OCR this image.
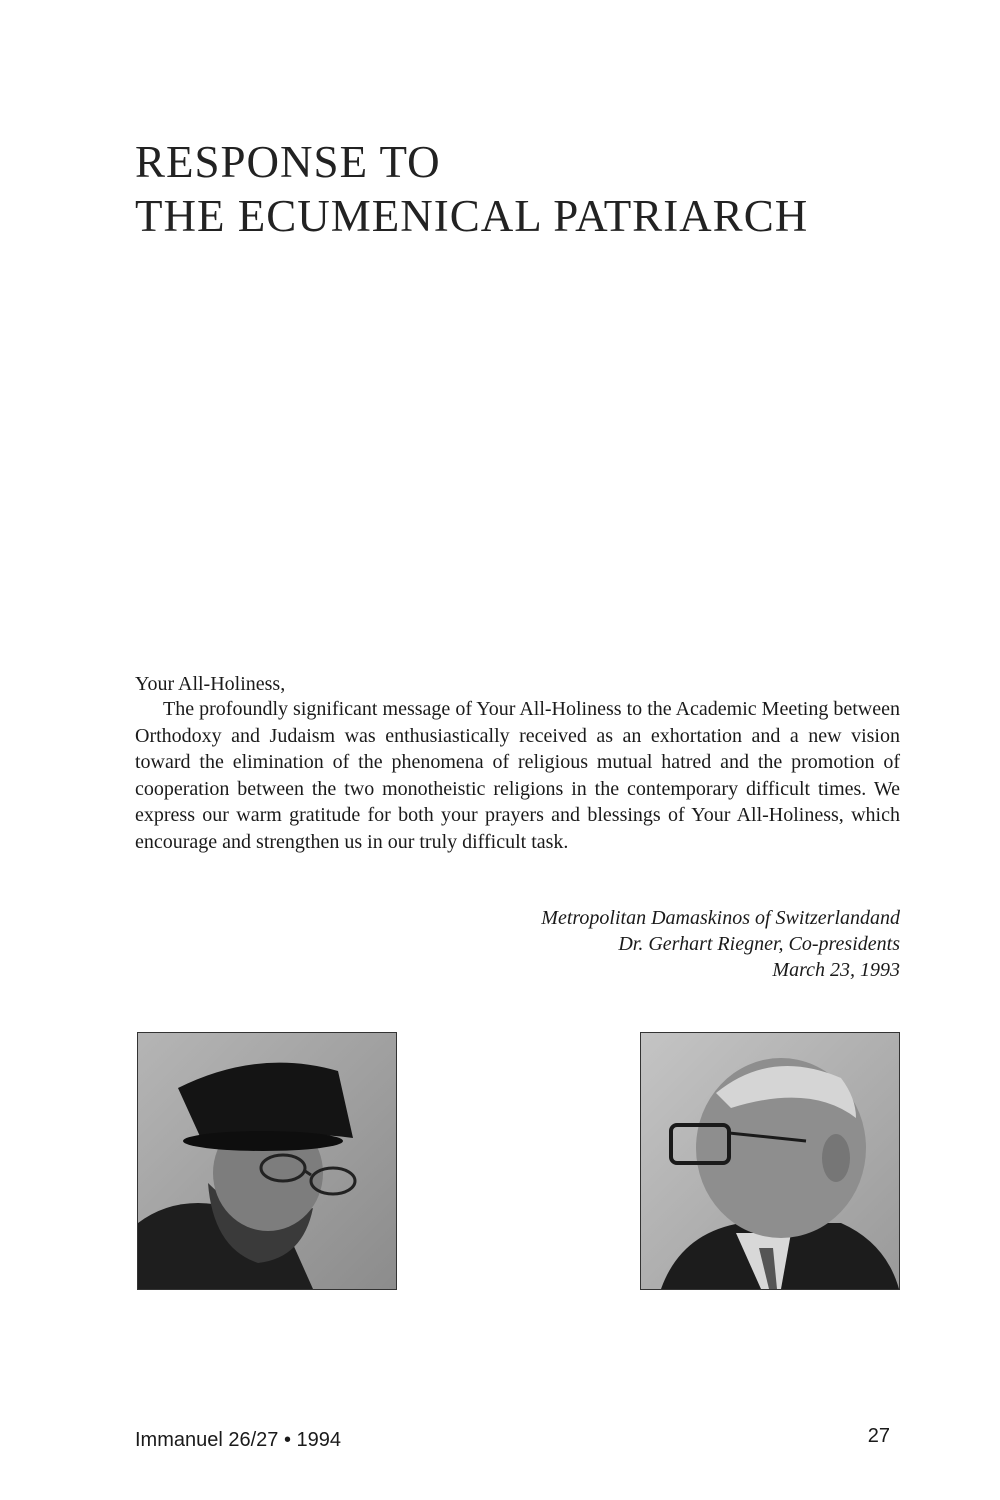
RESPONSE TO
THE ECUMENICAL PATRIARCH

Your All-Holiness,

The profoundly significant message of Your All-Holiness to the Academic Meeting between Orthodoxy and Judaism was enthusiastically received as an exhortation and a new vision toward the elimination of the phenomena of religious mutual hatred and the promotion of cooperation between the two monotheistic religions in the contemporary difficult times. We express our warm gratitude for both your prayers and blessings of Your All-Holiness, which encourage and strengthen us in our truly difficult task.

Metropolitan Damaskinos of Switzerlandand
Dr. Gerhart Riegner, Co-presidents
March 23, 1993
Immanuel 26/27 • 1994	27
